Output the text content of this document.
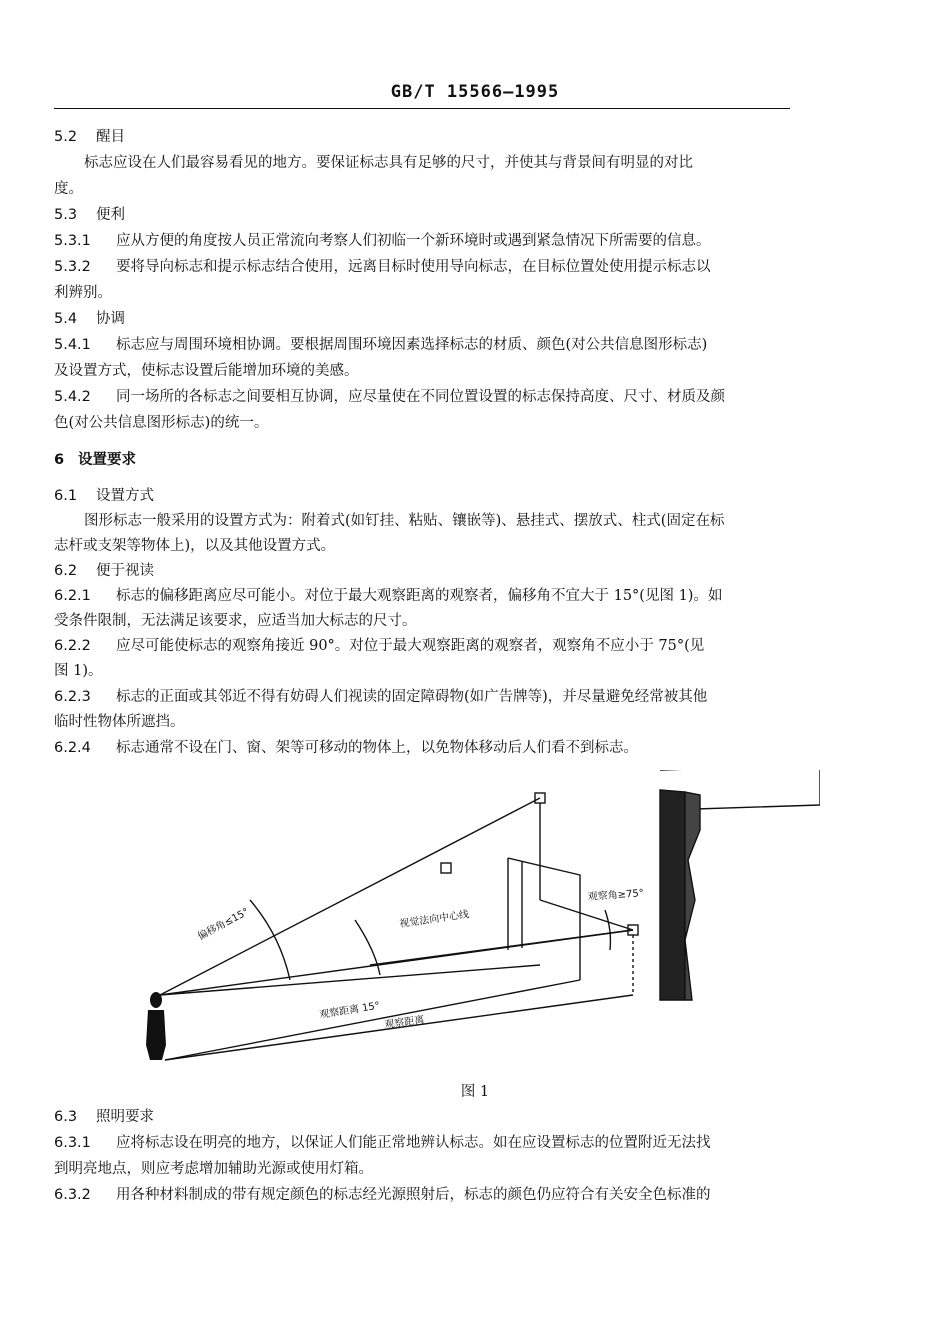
GB/T 15566—1995
5.2 醒目
标志应设在人们最容易看见的地方。要保证标志具有足够的尺寸，并使其与背景间有明显的对比
度。
5.3 便利
5.3.1 应从方便的角度按人员正常流向考察人们初临一个新环境时或遇到紧急情况下所需要的信息。
5.3.2 要将导向标志和提示标志结合使用，远离目标时使用导向标志，在目标位置处使用提示标志以
利辨别。
5.4 协调
5.4.1 标志应与周围环境相协调。要根据周围环境因素选择标志的材质、颜色(对公共信息图形标志)
及设置方式，使标志设置后能增加环境的美感。
5.4.2 同一场所的各标志之间要相互协调，应尽量使在不同位置设置的标志保持高度、尺寸、材质及颜
色(对公共信息图形标志)的统一。
6 设置要求
6.1 设置方式
图形标志一般采用的设置方式为：附着式(如钉挂、粘贴、镶嵌等)、悬挂式、摆放式、柱式(固定在标
志杆或支架等物体上)，以及其他设置方式。
6.2 便于视读
6.2.1 标志的偏移距离应尽可能小。对位于最大观察距离的观察者，偏移角不宜大于 15°(见图 1)。如
受条件限制，无法满足该要求，应适当加大标志的尺寸。
6.2.2 应尽可能使标志的观察角接近 90°。对位于最大观察距离的观察者，观察角不应小于 75°(见
图 1)。
6.2.3 标志的正面或其邻近不得有妨碍人们视读的固定障碍物(如广告牌等)，并尽量避免经常被其他
临时性物体所遮挡。
6.2.4 标志通常不设在门、窗、架等可移动的物体上，以免物体移动后人们看不到标志。
偏移角≤15°	视觉法向中心线
观察角≥75°
观察距离 15°
观察距离
图 1
6.3 照明要求
6.3.1 应将标志设在明亮的地方，以保证人们能正常地辨认标志。如在应设置标志的位置附近无法找
到明亮地点，则应考虑增加辅助光源或使用灯箱。
6.3.2 用各种材料制成的带有规定颜色的标志经光源照射后，标志的颜色仍应符合有关安全色标准的
